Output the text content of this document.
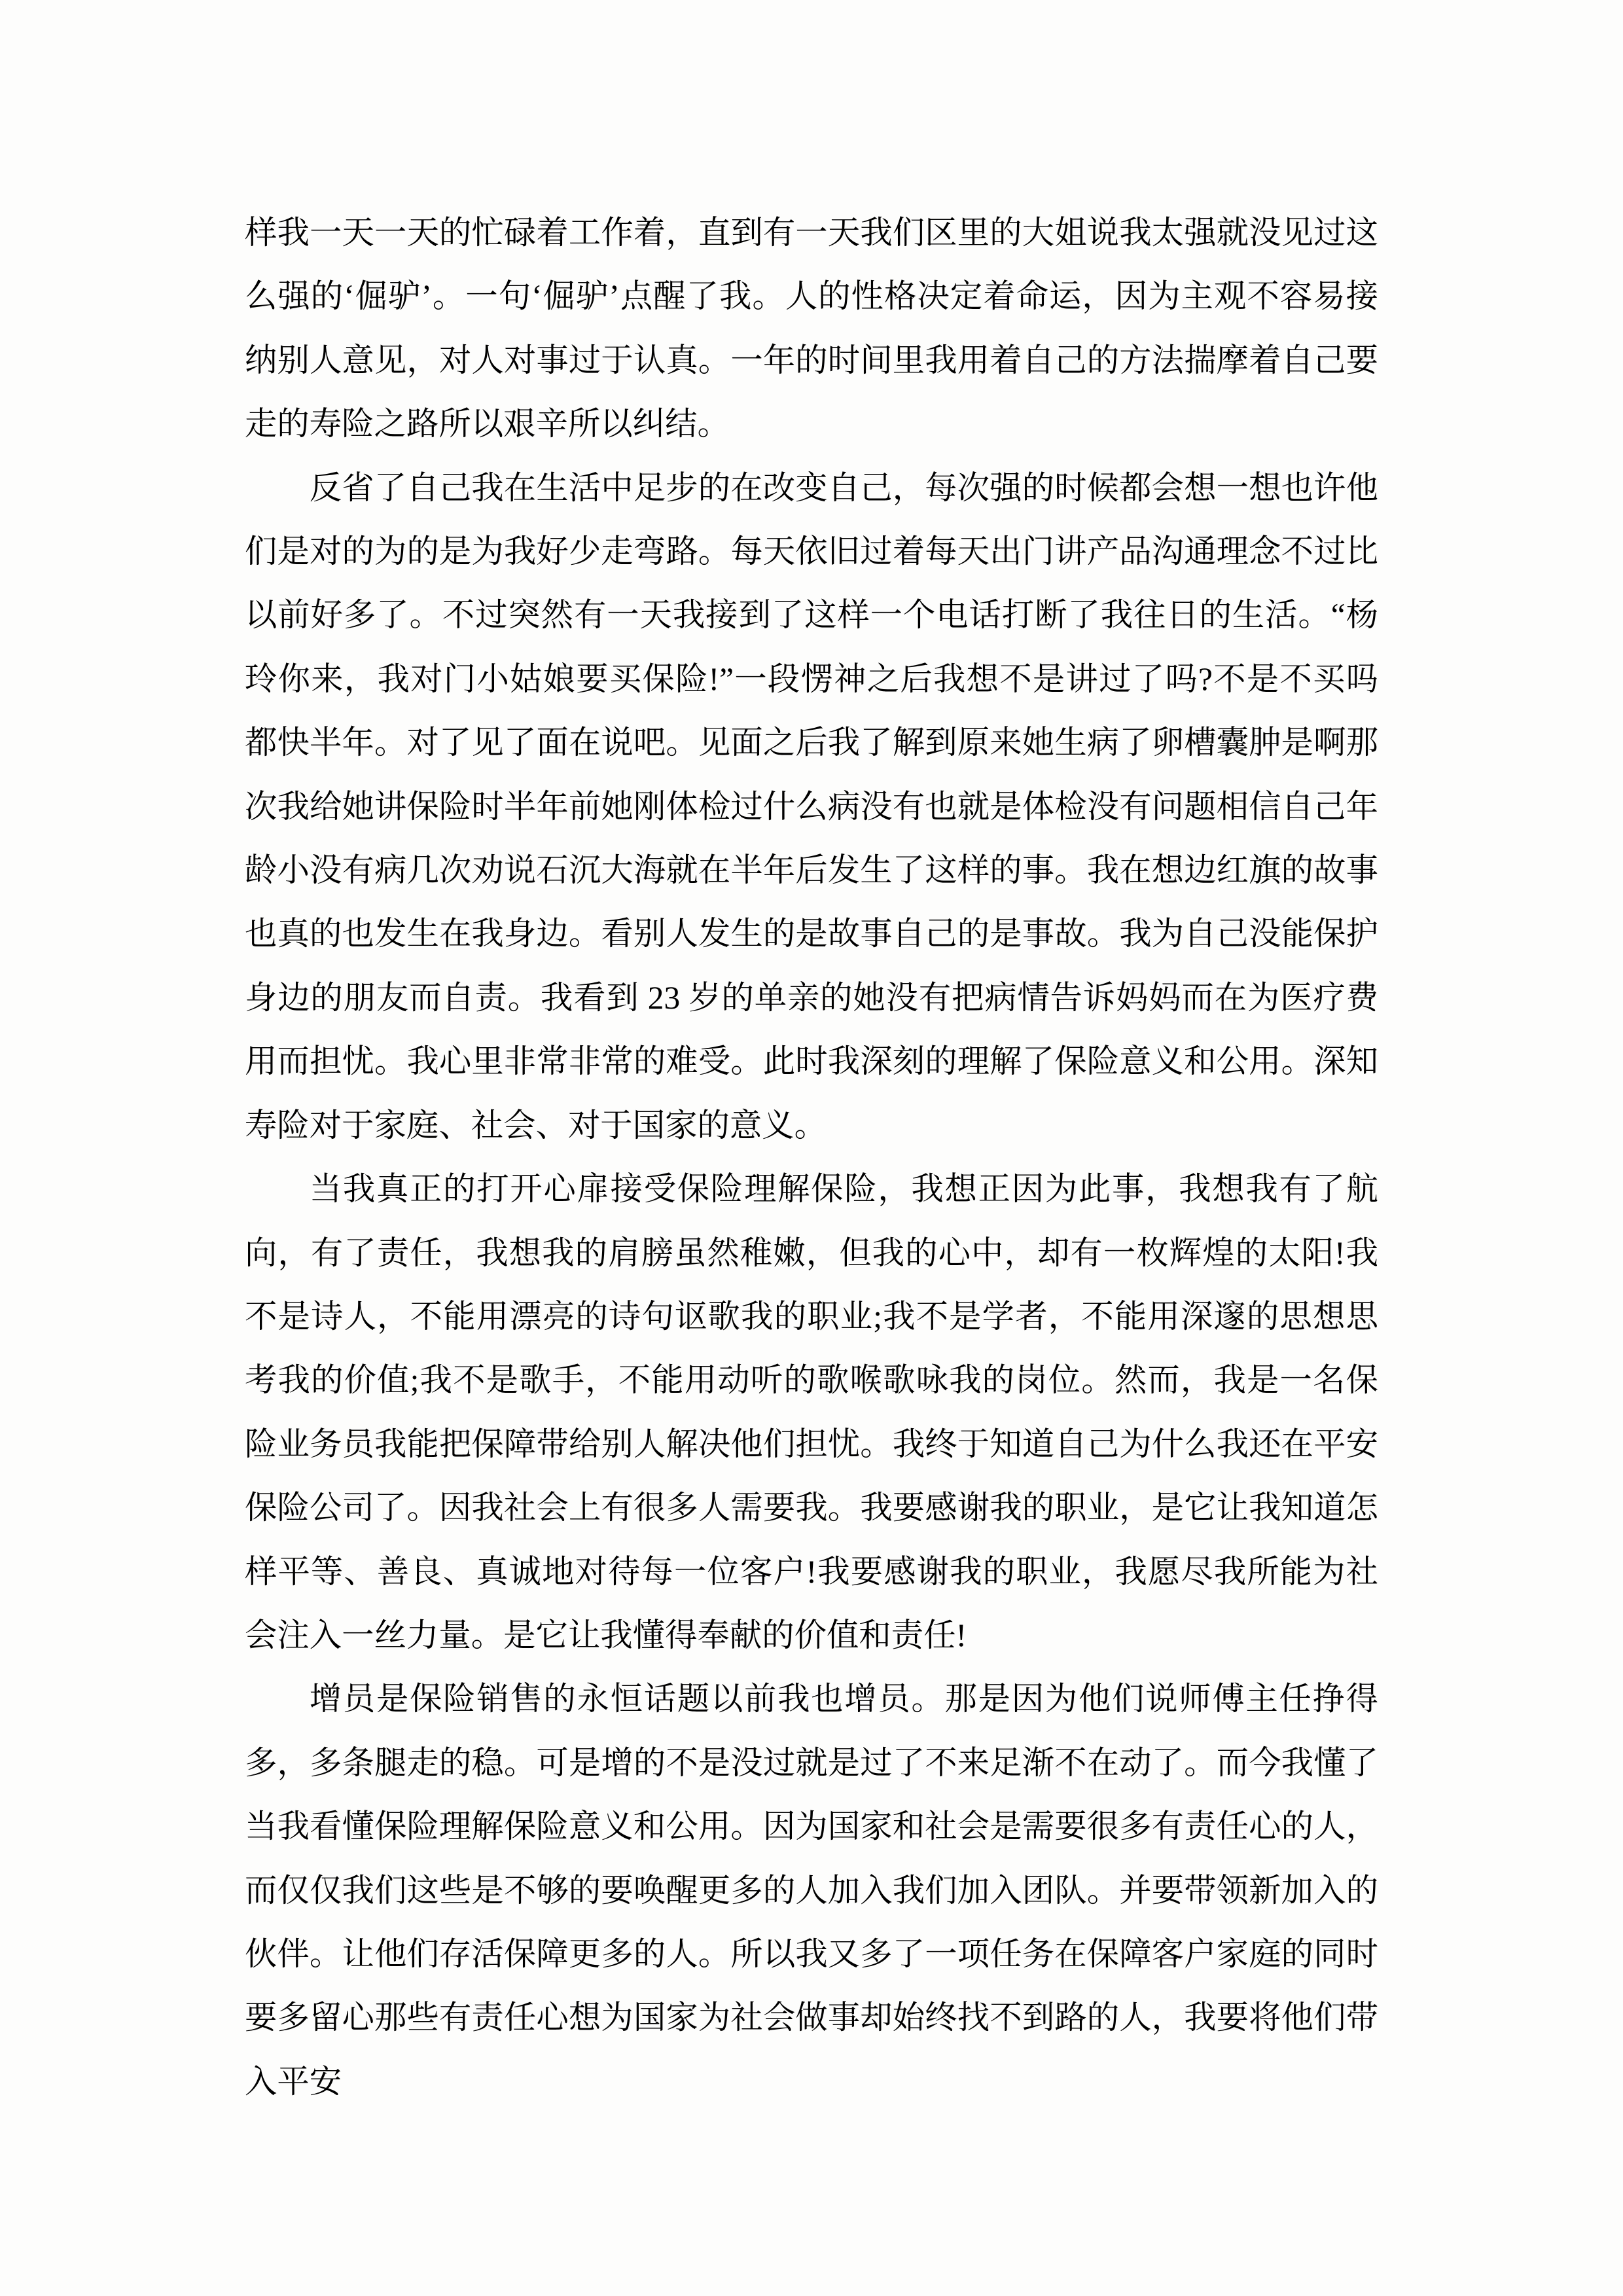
样我一天一天的忙碌着工作着，直到有一天我们区里的大姐说我太强就没见过这么强的‘倔驴’。一句‘倔驴’点醒了我。人的性格决定着命运，因为主观不容易接纳别人意见，对人对事过于认真。一年的时间里我用着自己的方法揣摩着自己要走的寿险之路所以艰辛所以纠结。

反省了自己我在生活中足步的在改变自己，每次强的时候都会想一想也许他们是对的为的是为我好少走弯路。每天依旧过着每天出门讲产品沟通理念不过比以前好多了。不过突然有一天我接到了这样一个电话打断了我往日的生活。“杨玲你来，我对门小姑娘要买保险!”一段愣神之后我想不是讲过了吗?不是不买吗都快半年。对了见了面在说吧。见面之后我了解到原来她生病了卵槽囊肿是啊那次我给她讲保险时半年前她刚体检过什么病没有也就是体检没有问题相信自己年龄小没有病几次劝说石沉大海就在半年后发生了这样的事。我在想边红旗的故事也真的也发生在我身边。看别人发生的是故事自己的是事故。我为自己没能保护身边的朋友而自责。我看到 23 岁的单亲的她没有把病情告诉妈妈而在为医疗费用而担忧。我心里非常非常的难受。此时我深刻的理解了保险意义和公用。深知寿险对于家庭、社会、对于国家的意义。

当我真正的打开心扉接受保险理解保险，我想正因为此事，我想我有了航向，有了责任，我想我的肩膀虽然稚嫩，但我的心中，却有一枚辉煌的太阳!我不是诗人，不能用漂亮的诗句讴歌我的职业;我不是学者，不能用深邃的思想思考我的价值;我不是歌手，不能用动听的歌喉歌咏我的岗位。然而，我是一名保险业务员我能把保障带给别人解决他们担忧。我终于知道自己为什么我还在平安保险公司了。因我社会上有很多人需要我。我要感谢我的职业，是它让我知道怎样平等、善良、真诚地对待每一位客户!我要感谢我的职业，我愿尽我所能为社会注入一丝力量。是它让我懂得奉献的价值和责任!

增员是保险销售的永恒话题以前我也增员。那是因为他们说师傅主任挣得多，多条腿走的稳。可是增的不是没过就是过了不来足渐不在动了。而今我懂了当我看懂保险理解保险意义和公用。因为国家和社会是需要很多有责任心的人，而仅仅我们这些是不够的要唤醒更多的人加入我们加入团队。并要带领新加入的伙伴。让他们存活保障更多的人。所以我又多了一项任务在保障客户家庭的同时要多留心那些有责任心想为国家为社会做事却始终找不到路的人，我要将他们带入平安
